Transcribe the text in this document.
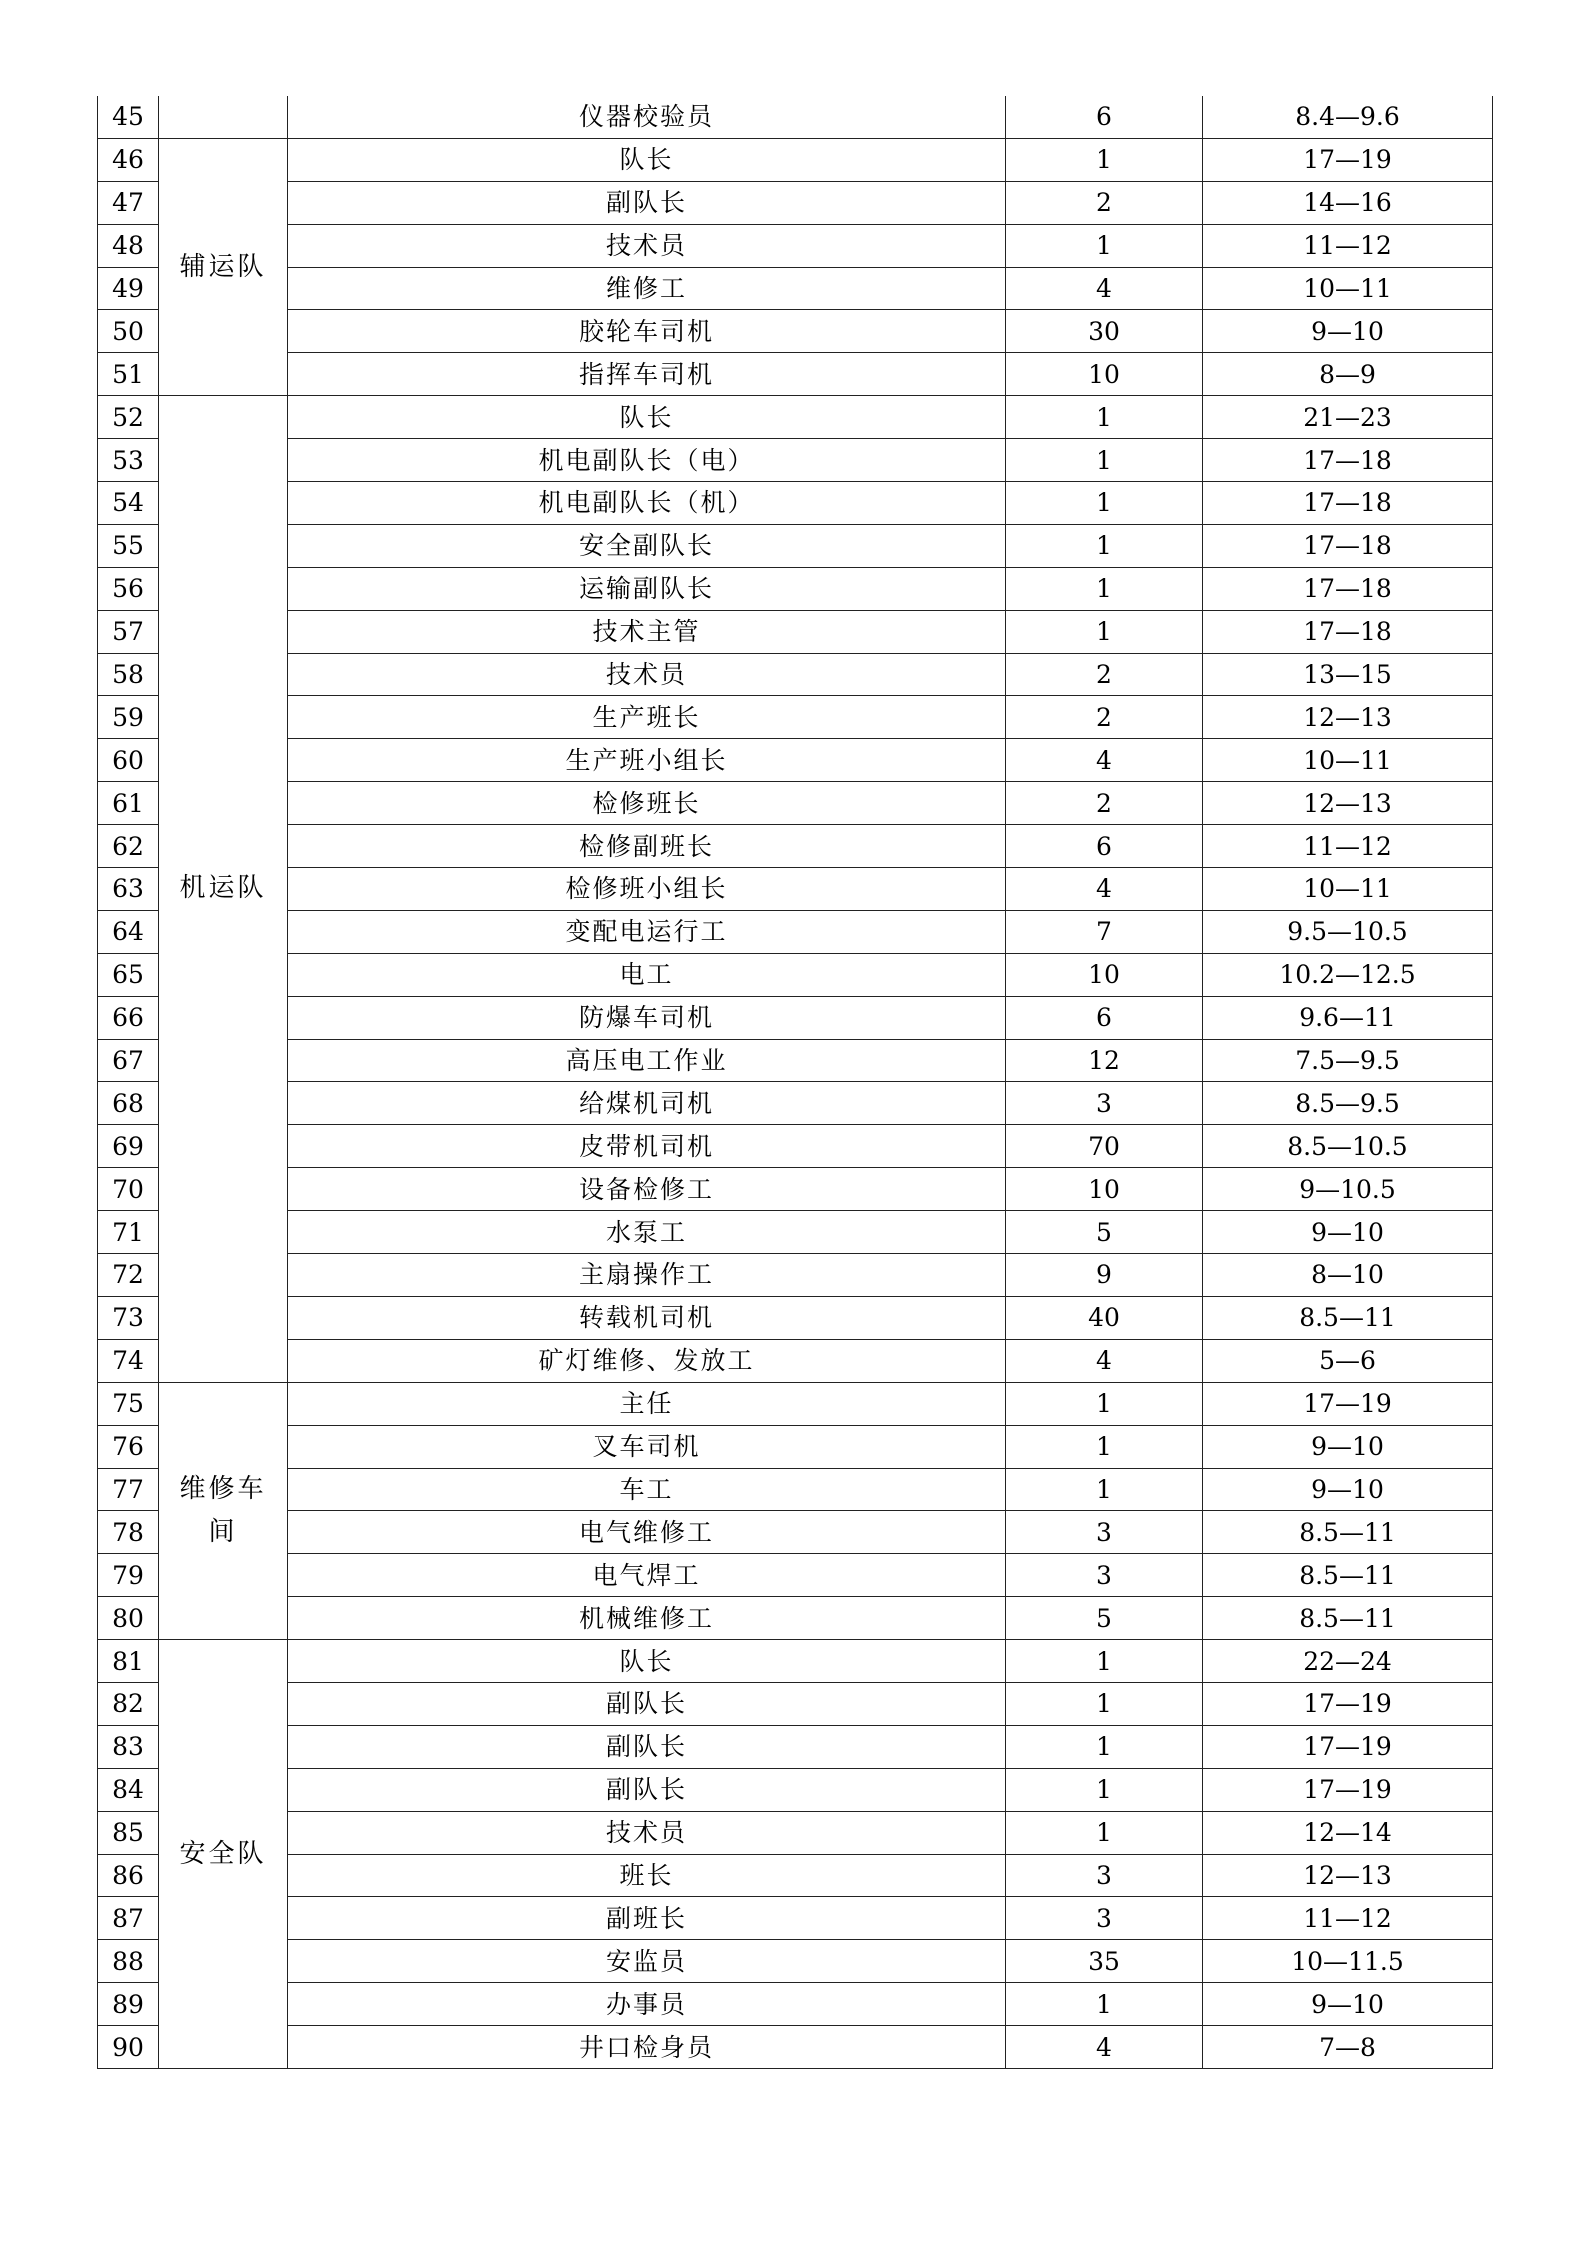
45		仪器校验员	6	8.4—9.6
46	辅运队	队长	1	17—19
47		副队长	2	14—16
48		技术员	1	11—12
49		维修工	4	10—11
50		胶轮车司机	30	9—10
51		指挥车司机	10	8—9
52	机运队	队长	1	21—23
53		机电副队长（电）	1	17—18
54		机电副队长（机）	1	17—18
55		安全副队长	1	17—18
56		运输副队长	1	17—18
57		技术主管	1	17—18
58		技术员	2	13—15
59		生产班长	2	12—13
60		生产班小组长	4	10—11
61		检修班长	2	12—13
62		检修副班长	6	11—12
63		检修班小组长	4	10—11
64		变配电运行工	7	9.5—10.5
65		电工	10	10.2—12.5
66		防爆车司机	6	9.6—11
67		高压电工作业	12	7.5—9.5
68		给煤机司机	3	8.5—9.5
69		皮带机司机	70	8.5—10.5
70		设备检修工	10	9—10.5
71		水泵工	5	9—10
72		主扇操作工	9	8—10
73		转载机司机	40	8.5—11
74		矿灯维修、发放工	4	5—6
75	维修车间	主任	1	17—19
76		叉车司机	1	9—10
77		车工	1	9—10
78		电气维修工	3	8.5—11
79		电气焊工	3	8.5—11
80		机械维修工	5	8.5—11
81	安全队	队长	1	22—24
82		副队长	1	17—19
83		副队长	1	17—19
84		副队长	1	17—19
85		技术员	1	12—14
86		班长	3	12—13
87		副班长	3	11—12
88		安监员	35	10—11.5
89		办事员	1	9—10
90		井口检身员	4	7—8
